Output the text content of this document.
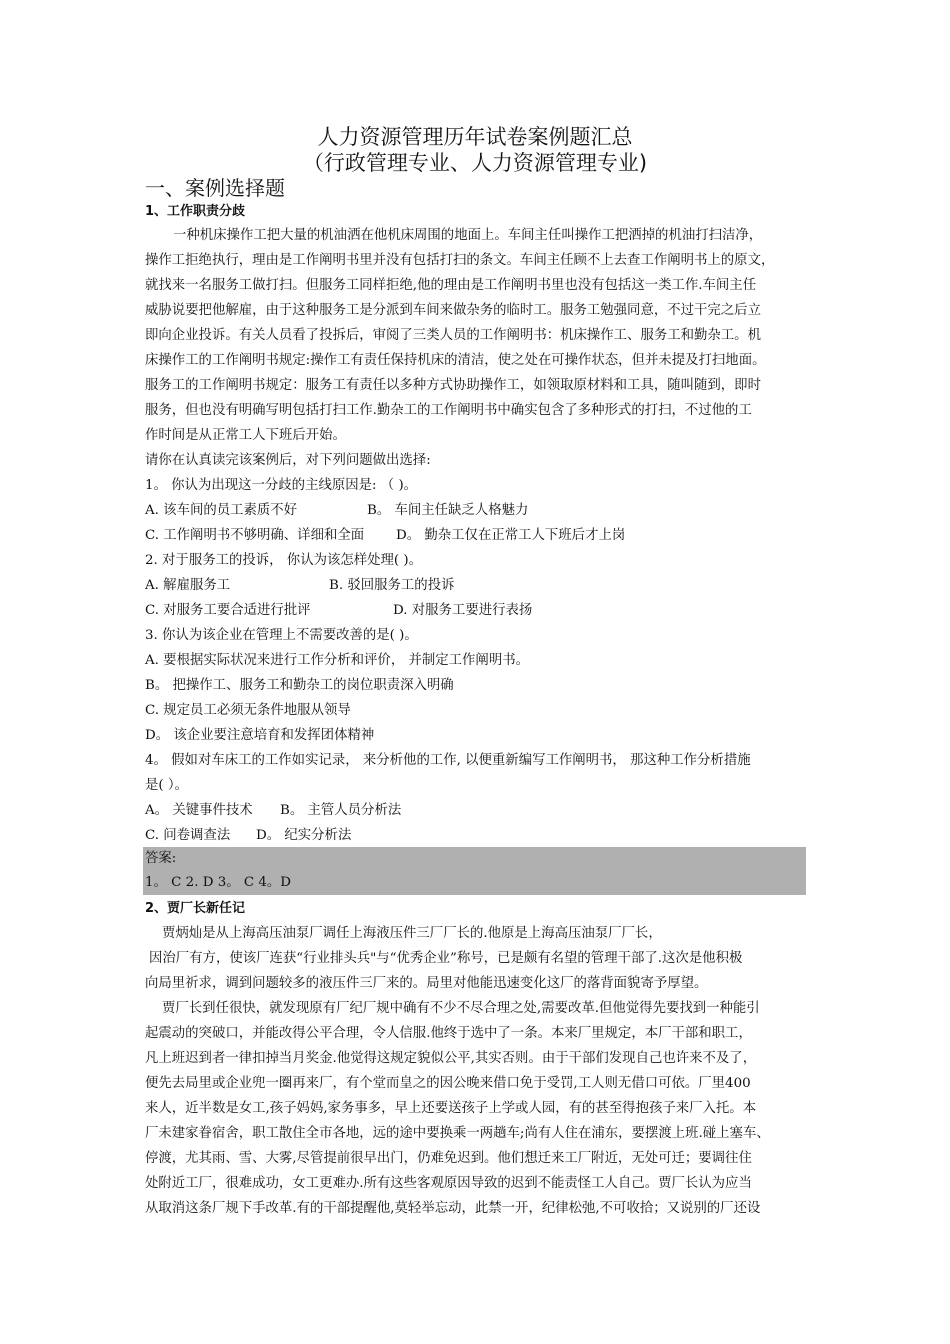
人力资源管理历年试卷案例题汇总
（行政管理专业、人力资源管理专业)
一、案例选择题
1、工作职责分歧
一种机床操作工把大量的机油洒在他机床周围的地面上。车间主任叫操作工把洒掉的机油打扫洁净，
操作工拒绝执行，理由是工作阐明书里并没有包括打扫的条文。车间主任顾不上去查工作阐明书上的原文，
就找来一名服务工做打扫。但服务工同样拒绝,他的理由是工作阐明书里也没有包括这一类工作.车间主任
威胁说要把他解雇，由于这种服务工是分派到车间来做杂务的临时工。服务工勉强同意，不过干完之后立
即向企业投诉。有关人员看了投拆后，审阅了三类人员的工作阐明书：机床操作工、服务工和勤杂工。机
床操作工的工作阐明书规定:操作工有责任保持机床的清洁，使之处在可操作状态，但并未提及打扫地面。
服务工的工作阐明书规定：服务工有责任以多种方式协助操作工，如领取原材料和工具，随叫随到，即时
服务，但也没有明确写明包括打扫工作.勤杂工的工作阐明书中确实包含了多种形式的打扫，不过他的工
作时间是从正常工人下班后开始。
请你在认真读完该案例后，对下列问题做出选择:
1。 你认为出现这一分歧的主线原因是: （ )。
A. 该车间的员工素质不好	B。 车间主任缺乏人格魅力
C. 工作阐明书不够明确、详细和全面 D。 勤杂工仅在正常工人下班后才上岗
2. 对于服务工的投诉， 你认为该怎样处理( )。
A. 解雇服务工	B. 驳回服务工的投诉
C. 对服务工要合适进行批评	D. 对服务工要进行表扬
3. 你认为该企业在管理上不需要改善的是( )。
A. 要根据实际状况来进行工作分析和评价， 并制定工作阐明书。
B。 把操作工、服务工和勤杂工的岗位职责深入明确
C. 规定员工必须无条件地服从领导
D。 该企业要注意培育和发挥团体精神
4。 假如对车床工的工作如实记录， 来分析他的工作, 以便重新编写工作阐明书， 那这种工作分析措施
是( ）。
A。 关键事件技术 B。 主管人员分析法
C. 问卷调查法 D。 纪实分析法
答案:
1。 C 2. D 3。 C 4。D
2、贾厂长新任记
贾炳灿是从上海高压油泵厂调任上海液压件三厂厂长的.他原是上海高压油泵厂厂长，
因治厂有方，使该厂连获“行业排头兵"与“优秀企业”称号，已是颇有名望的管理干部了.这次是他积极
向局里祈求，调到问题较多的液压件三厂来的。局里对他能迅速变化这厂的落背面貌寄予厚望。
贾厂长到任很快，就发现原有厂纪厂规中确有不少不尽合理之处,需要改革.但他觉得先要找到一种能引
起震动的突破口，并能改得公平合理，令人信服.他终于选中了一条。本来厂里规定，本厂干部和职工，
凡上班迟到者一律扣掉当月奖金.他觉得这规定貌似公平,其实否则。由于干部们发现自己也许来不及了，
便先去局里或企业兜一圈再来厂，有个堂而皇之的因公晚来借口免于受罚,工人则无借口可依。厂里400
来人，近半数是女工,孩子妈妈,家务事多，早上还要送孩子上学或人园，有的甚至得抱孩子来厂入托。本
厂未建家眷宿舍，职工散住全市各地，远的途中要换乘一两趟车;尚有人住在浦东，要摆渡上班.碰上塞车、
停渡，尤其雨、雪、大雾,尽管提前很早出门，仍难免迟到。他们想迁来工厂附近，无处可迁；要调往住
处附近工厂，很难成功，女工更难办.所有这些客观原因导致的迟到不能责怪工人自己。贾厂长认为应当
从取消这条厂规下手改革.有的干部提醒他,莫轻举忘动，此禁一开，纪律松弛,不可收拾；又说别的厂还设
